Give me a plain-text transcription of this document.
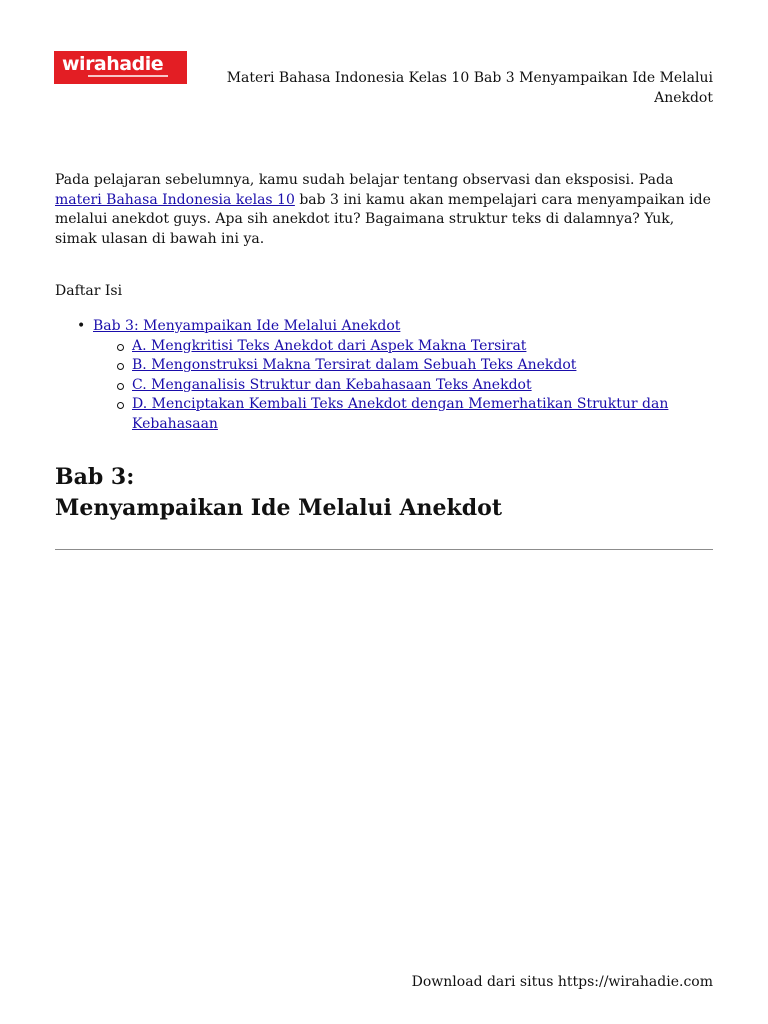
wirahadie
Materi Bahasa Indonesia Kelas 10 Bab 3 Menyampaikan Ide Melalui Anekdot

Pada pelajaran sebelumnya, kamu sudah belajar tentang observasi dan eksposisi. Pada materi Bahasa Indonesia kelas 10 bab 3 ini kamu akan mempelajari cara menyampaikan ide melalui anekdot guys. Apa sih anekdot itu? Bagaimana struktur teks di dalamnya? Yuk, simak ulasan di bawah ini ya.

Daftar Isi

• Bab 3: Menyampaikan Ide Melalui Anekdot
A. Mengkritisi Teks Anekdot dari Aspek Makna Tersirat
B. Mengonstruksi Makna Tersirat dalam Sebuah Teks Anekdot
C. Menganalisis Struktur dan Kebahasaan Teks Anekdot
D. Menciptakan Kembali Teks Anekdot dengan Memerhatikan Struktur dan Kebahasaan
Bab 3:
Menyampaikan Ide Melalui Anekdot

Download dari situs https://wirahadie.com
